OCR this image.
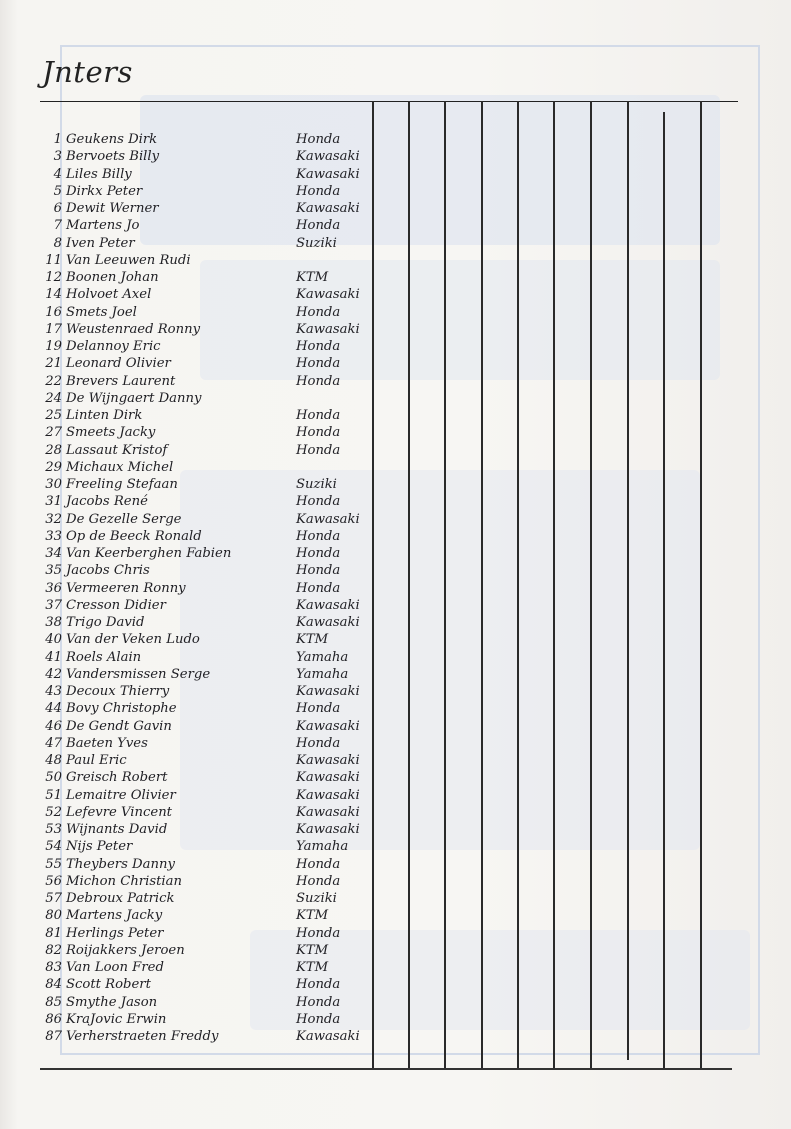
Jnters
1 Geukens Dirk	Honda
3 Bervoets Billy	Kawasaki
4 Liles Billy	Kawasaki
5 Dirkx Peter	Honda
6 Dewit Werner	Kawasaki
7 Martens Jo	Honda
8 Iven Peter	Suziki
11 Van Leeuwen Rudi
12 Boonen Johan	KTM
14 Holvoet Axel	Kawasaki
16 Smets Joel	Honda
17 Weustenraed Ronny	Kawasaki
19 Delannoy Eric	Honda
21 Leonard Olivier	Honda
22 Brevers Laurent	Honda
24 De Wijngaert Danny
25 Linten Dirk	Honda
27 Smeets Jacky	Honda
28 Lassaut Kristof	Honda
29 Michaux Michel
30 Freeling Stefaan	Suziki
31 Jacobs René	Honda
32 De Gezelle Serge	Kawasaki
33 Op de Beeck Ronald	Honda
34 Van Keerberghen Fabien	Honda
35 Jacobs Chris	Honda
36 Vermeeren Ronny	Honda
37 Cresson Didier	Kawasaki
38 Trigo David	Kawasaki
40 Van der Veken Ludo	KTM
41 Roels Alain	Yamaha
42 Vandersmissen Serge	Yamaha
43 Decoux Thierry	Kawasaki
44 Bovy Christophe	Honda
46 De Gendt Gavin	Kawasaki
47 Baeten Yves	Honda
48 Paul Eric	Kawasaki
50 Greisch Robert	Kawasaki
51 Lemaitre Olivier	Kawasaki
52 Lefevre Vincent	Kawasaki
53 Wijnants David	Kawasaki
54 Nijs Peter	Yamaha
55 Theybers Danny	Honda
56 Michon Christian	Honda
57 Debroux Patrick	Suziki
80 Martens Jacky	KTM
81 Herlings Peter	Honda
82 Roijakkers Jeroen	KTM
83 Van Loon Fred	KTM
84 Scott Robert	Honda
85 Smythe Jason	Honda
86 KraJovic Erwin	Honda
87 Verherstraeten Freddy	Kawasaki
